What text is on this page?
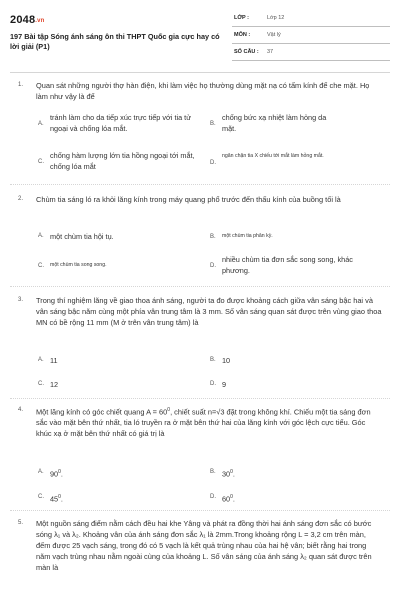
2048.vn
197 Bài tập Sóng ánh sáng ôn thi THPT Quốc gia cực hay có lời giải (P1)
LỚP :	Lớp 12
MÔN :	Vật lý
SỐ CÂU : 37
1. Quan sát những người thợ hàn điện, khi làm việc họ thường dùng mặt nạ có tấm kính để che mặt. Họ làm như vậy là để
A.
tránh làm cho da tiếp xúc trực tiếp với tia tử ngoại và chống lóa mắt.	B.
chống bức xạ nhiệt làm hỏng da mặt.
C.
chống hàm lượng lớn tia hồng ngoại tới mắt, chống lóa mắt	D.
ngăn chặn tia X chiếu tới mắt làm hỏng mắt.
2. Chùm tia sáng ló ra khỏi lăng kính trong máy quang phổ trước đến thấu kính của buồng tối là
A. một chùm tia hội tụ.	B. một chùm tia phân kỳ.
C. một chùm tia song song.	D.
nhiều chùm tia đơn sắc song song, khác phương.
3. Trong thí nghiệm lăng về giao thoa ánh sáng, người ta đo được khoảng cách giữa vân sáng bậc hai và vân sáng bậc năm cùng một phía vân trung tâm là 3 mm. Số vân sáng quan sát được trên vùng giao thoa MN có bề rộng 11 mm (M ở trên vân trung tâm) là
A. 11	B. 10
C. 12	D. 9
4. Một lăng kính có góc chiết quang $A = 60^0$, chiết suất n=√3 đặt trong không khí. Chiếu một tia sáng đơn sắc vào mặt bên thứ nhất, tia ló truyền ra ở mặt bên thứ hai của lăng kính với góc lệch cực tiểu. Góc khúc xạ ở mặt bên thứ nhất có giá trị là
A. $90^0$.	B. $30^0$.
C. $45^0$.	D. $60^0$.
5. Một nguồn sáng điểm nằm cách đều hai khe Yâng và phát ra đồng thời hai ánh sáng đơn sắc có bước sóng λ₁ và λ₂. Khoảng vân của ánh sáng đơn sắc λ₁ là 2mm.Trong khoảng rộng L = 3,2 cm trên màn, đếm được 25 vạch sáng, trong đó có 5 vạch là kết quả trùng nhau của hai hệ vân; biết rằng hai trong năm vạch trùng nhau nằm ngoài cùng của khoảng L. Số vân sáng của ánh sáng λ₂ quan sát được trên màn là
